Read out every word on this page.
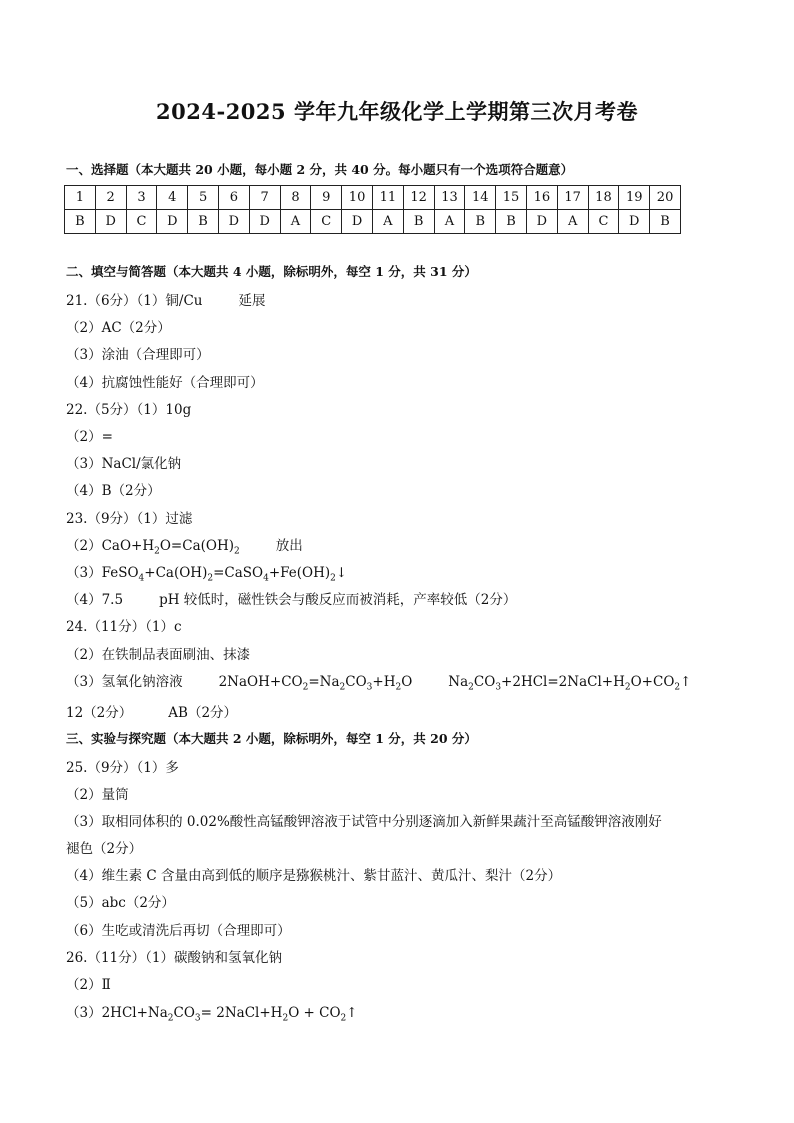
2024-2025 学年九年级化学上学期第三次月考卷
一、选择题（本大题共 20 小题，每小题 2 分，共 40 分。每小题只有一个选项符合题意）
1	2	3	4	5	6	7	8	9	10	11	12	13	14	15	16	17	18	19	20
B	D	C	D	B	D	D	A	C	D	A	B	A	B	B	D	A	C	D	B
二、填空与简答题（本大题共 4 小题，除标明外，每空 1 分，共 31 分）
21.（6分）（1）铜/Cu	延展
（2）AC（2分）
（3）涂油（合理即可）
（4）抗腐蚀性能好（合理即可）
22.（5分）（1）10g
（2）=
（3）NaCl/氯化钠
（4）B（2分）
23.（9分）（1）过滤
$(2)CaO+H_2O=Ca(OH)_2$	放出
$(3)FeSO_4+Ca(OH)_2=CaSO_4+Fe(OH)_2↓$
（4）7.5	pH 较低时，磁性铁会与酸反应而被消耗，产率较低（2分）
24.（11分）（1）c
（2）在铁制品表面刷油、抹漆
（3）氢氧化钠溶液	$2NaOH+CO_2=Na_2CO_3+H_2O$	$Na_2CO_3+2HCl=2NaCl+H_2O+CO_2↑$
12（2分）	AB（2分）
三、实验与探究题（本大题共 2 小题，除标明外，每空 1 分，共 20 分）
25.（9分）（1）多
（2）量筒
（3）取相同体积的 0.02%酸性高锰酸钾溶液于试管中分别逐滴加入新鲜果蔬汁至高锰酸钾溶液刚好
褪色（2分）
（4）维生素 C 含量由高到低的顺序是猕猴桃汁、紫甘蓝汁、黄瓜汁、梨汁（2分）
（5）abc（2分）
（6）生吃或清洗后再切（合理即可）
26.（11分）（1）碳酸钠和氢氧化钠
（2）Ⅱ
$(3)2HCl+Na_2CO_3=$ $2NaCl+H_2O$ + $CO_2↑$
